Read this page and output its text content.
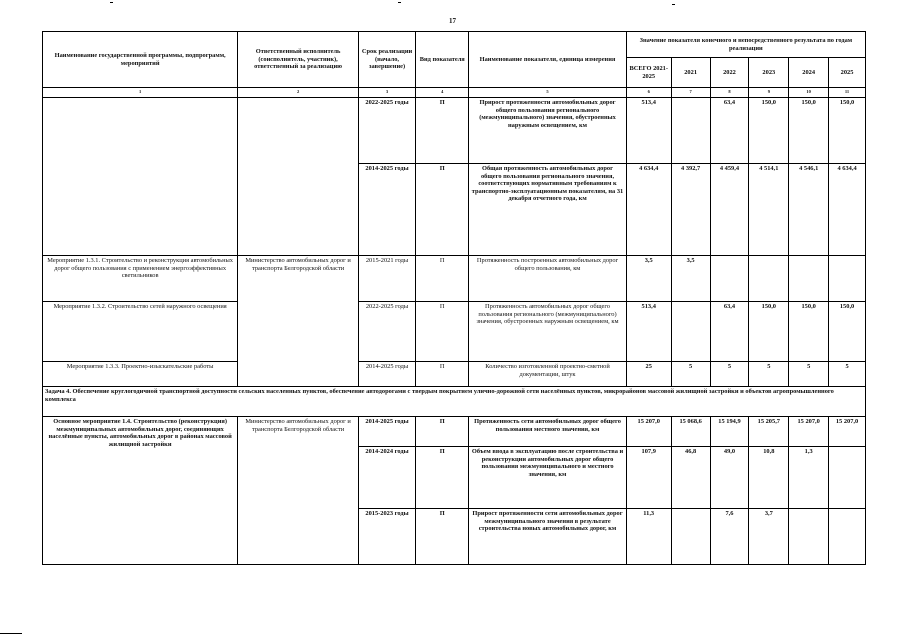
17
Наименование государственной программы, подпрограмм, мероприятий	Ответственный исполнитель (соисполнитель, участник), ответственный за реализацию	Срок реализации (начало, завершение)	Вид показателя	Наименование показателя, единица измерения	Значение показателя конечного и непосредственного результата по годам реализации					
					ВСЕГО 2021-2025	2021	2022	2023	2024	2025
1	2	3	4	5	6	7	8	9	10	11
		2022-2025 годы	П	Прирост протяженности автомобильных дорог общего пользования регионального (межмуниципального) значения, обустроенных наружным освещением, км	513,4		63,4	150,0	150,0	150,0
		2014-2025 годы	П	Общая протяженность автомобильных дорог общего пользования регионального значения, соответствующих нормативным требованиям к транспортно-эксплуатационным показателям, на 31 декабря отчетного года, км	4 634,4	4 392,7	4 459,4	4 514,1	4 546,1	4 634,4
Мероприятие 1.3.1. Строительство и реконструкция автомобильных дорог общего пользования с применением энергоэффективных светильников	Министерство автомобильных дорог и транспорта Белгородской области	2015-2021 годы	П	Протяженность построенных автомобильных дорог общего пользования, км	3,5	3,5				
Мероприятие 1.3.2. Строительство сетей наружного освещения		2022-2025 годы	П	Протяженность автомобильных дорог общего пользования регионального (межмуниципального) значения, обустроенных наружным освещением, км	513,4		63,4	150,0	150,0	150,0
Мероприятие 1.3.3. Проектно-изыскательские работы		2014-2025 годы	П	Количество изготовленной проектно-сметной документации, штук	25	5	5	5	5	5
Задача 4. Обеспечение круглогодичной транспортной доступности сельских населенных пунктов, обеспечение автодорогами с твердым покрытием улично-дорожной сети населённых пунктов, микрорайонов массовой жилищной застройки и объектов агропромышленного комплекса										
Основное мероприятие 1.4. Строительство (реконструкция) межмуниципальных автомобильных дорог, соединяющих населённые пункты, автомобильных дорог в районах массовой жилищной застройки	Министерство автомобильных дорог и транспорта Белгородской области	2014-2025 годы	П	Протяженность сети автомобильных дорог общего пользования местного значения, км	15 207,0	15 068,6	15 194,9	15 205,7	15 207,0	15 207,0
		2014-2024 годы	П	Объем ввода в эксплуатацию после строительства и реконструкции автомобильных дорог общего пользования межмуниципального и местного значения, км	107,9	46,8	49,0	10,8	1,3	
		2015-2023 годы	П	Прирост протяженности сети автомобильных дорог межмуниципального значения в результате строительства новых автомобильных дорог, км	11,3		7,6	3,7		
